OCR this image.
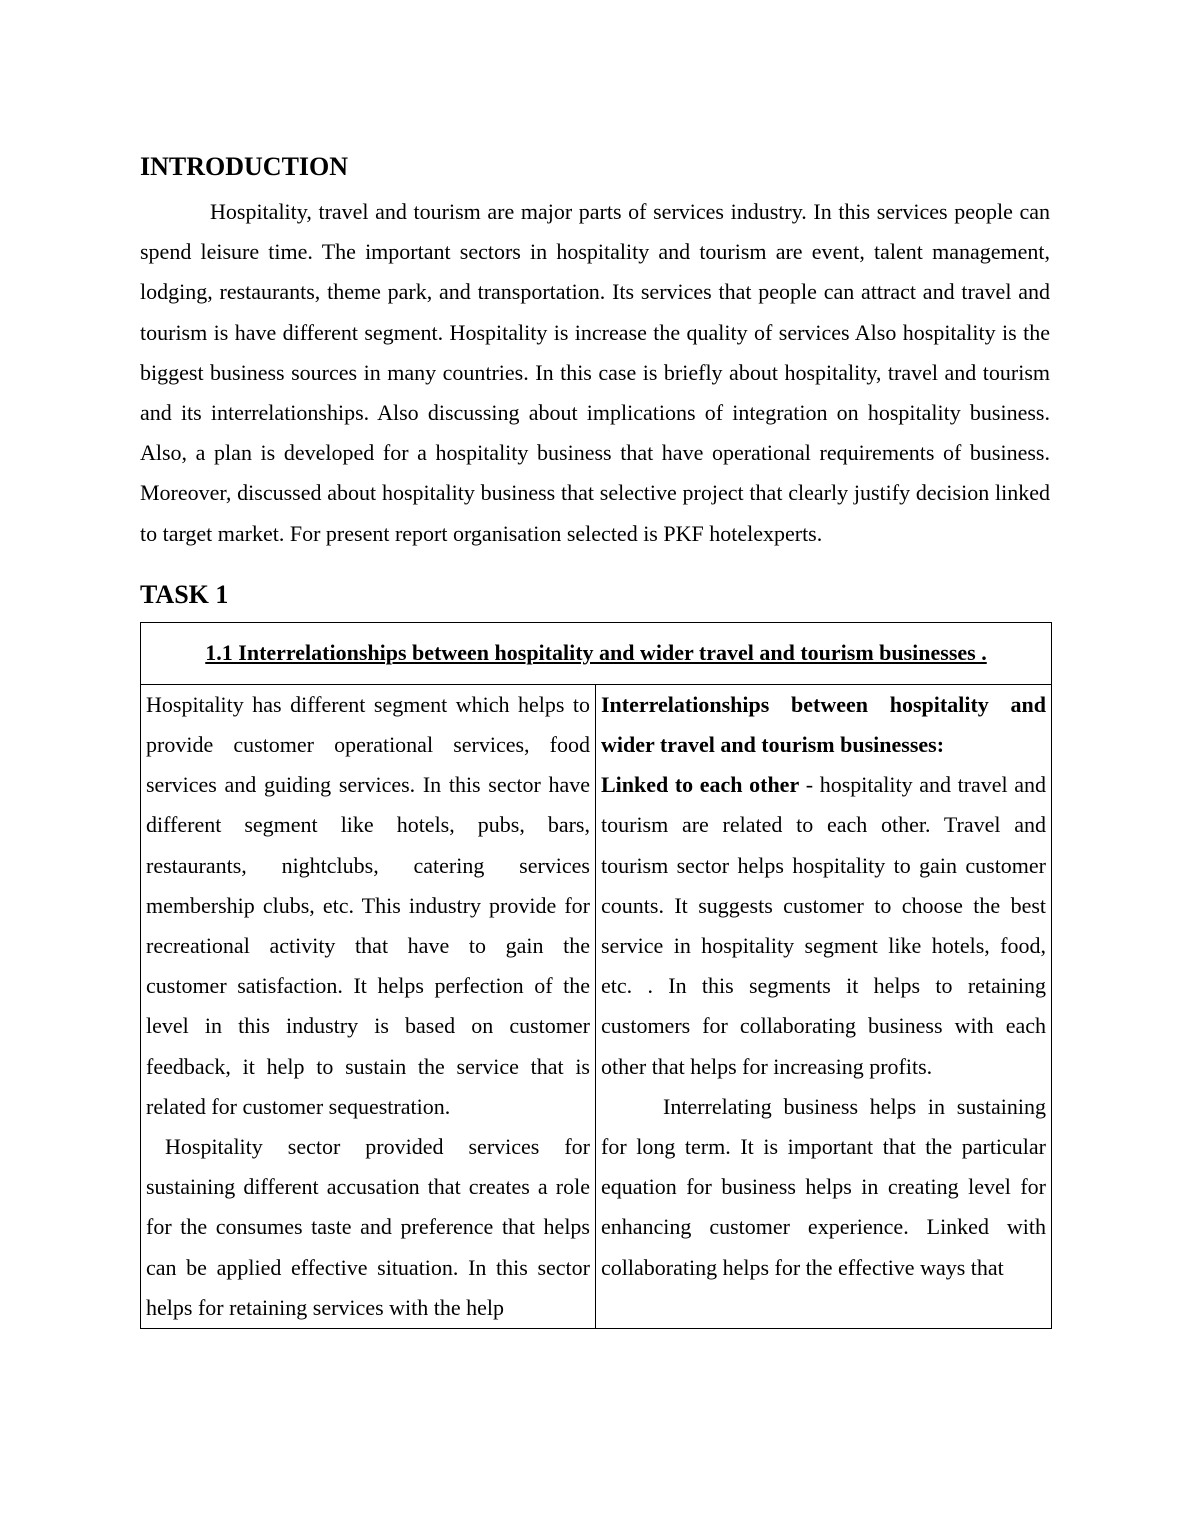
INTRODUCTION

Hospitality, travel and tourism are major parts of services industry. In this services people can spend leisure time. The important sectors in hospitality and tourism are event, talent management, lodging, restaurants, theme park, and transportation. Its services that people can attract and travel and tourism is have different segment. Hospitality is increase the quality of services Also hospitality is the biggest business sources in many countries. In this case is briefly about hospitality, travel and tourism and its interrelationships. Also discussing about implications of integration on hospitality business. Also, a plan is developed for a hospitality business that have operational requirements of business. Moreover, discussed about hospitality business that selective project that clearly justify decision linked to target market. For present report organisation selected is PKF hotelexperts.

TASK 1
1.1 Interrelationships between hospitality and wider travel and tourism businesses .

Hospitality has different segment which helps to provide customer operational services, food services and guiding services. In this sector have different segment like hotels, pubs, bars, restaurants, nightclubs, catering services membership clubs, etc. This industry provide for recreational activity that have to gain the customer satisfaction. It helps perfection of the level in this industry is based on customer feedback, it help to sustain the service that is related for customer sequestration.

Hospitality sector provided services for sustaining different accusation that creates a role for the consumes taste and preference that helps can be applied effective situation. In this sector helps for retaining services with the help

Interrelationships between hospitality and wider travel and tourism businesses:

Linked to each other - hospitality and travel and tourism are related to each other. Travel and tourism sector helps hospitality to gain customer counts. It suggests customer to choose the best service in hospitality segment like hotels, food, etc. . In this segments it helps to retaining customers for collaborating business with each other that helps for increasing profits.

Interrelating business helps in sustaining for long term. It is important that the particular equation for business helps in creating level for enhancing customer experience. Linked with collaborating helps for the effective ways that
